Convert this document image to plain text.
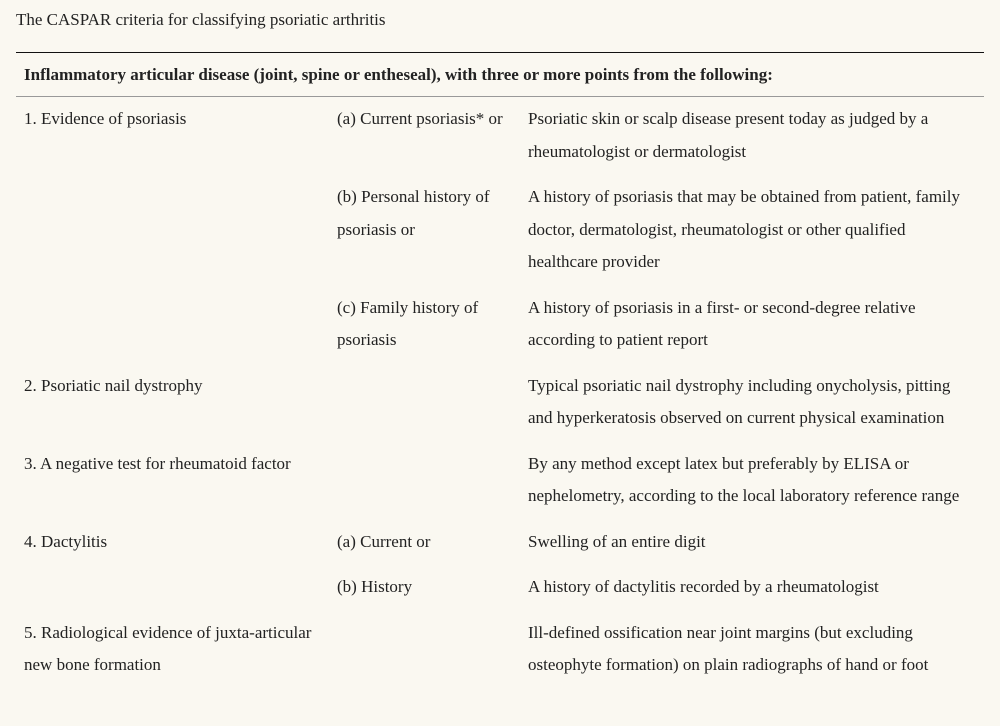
The CASPAR criteria for classifying psoriatic arthritis

Inflammatory articular disease (joint, spine or entheseal), with three or more points from the following:		
1. Evidence of psoriasis	(a) Current psoriasis* or	Psoriatic skin or scalp disease present today as judged by a rheumatologist or dermatologist
	(b) Personal history of psoriasis or	A history of psoriasis that may be obtained from patient, family doctor, dermatologist, rheumatologist or other qualified healthcare provider
	(c) Family history of psoriasis	A history of psoriasis in a first- or second-degree relative according to patient report
2. Psoriatic nail dystrophy		Typical psoriatic nail dystrophy including onycholysis, pitting and hyperkeratosis observed on current physical examination
3. A negative test for rheumatoid factor		By any method except latex but preferably by ELISA or nephelometry, according to the local laboratory reference range
4. Dactylitis	(a) Current or	Swelling of an entire digit
	(b) History	A history of dactylitis recorded by a rheumatologist
5. Radiological evidence of juxta-articular new bone formation		Ill-defined ossification near joint margins (but excluding osteophyte formation) on plain radiographs of hand or foot
